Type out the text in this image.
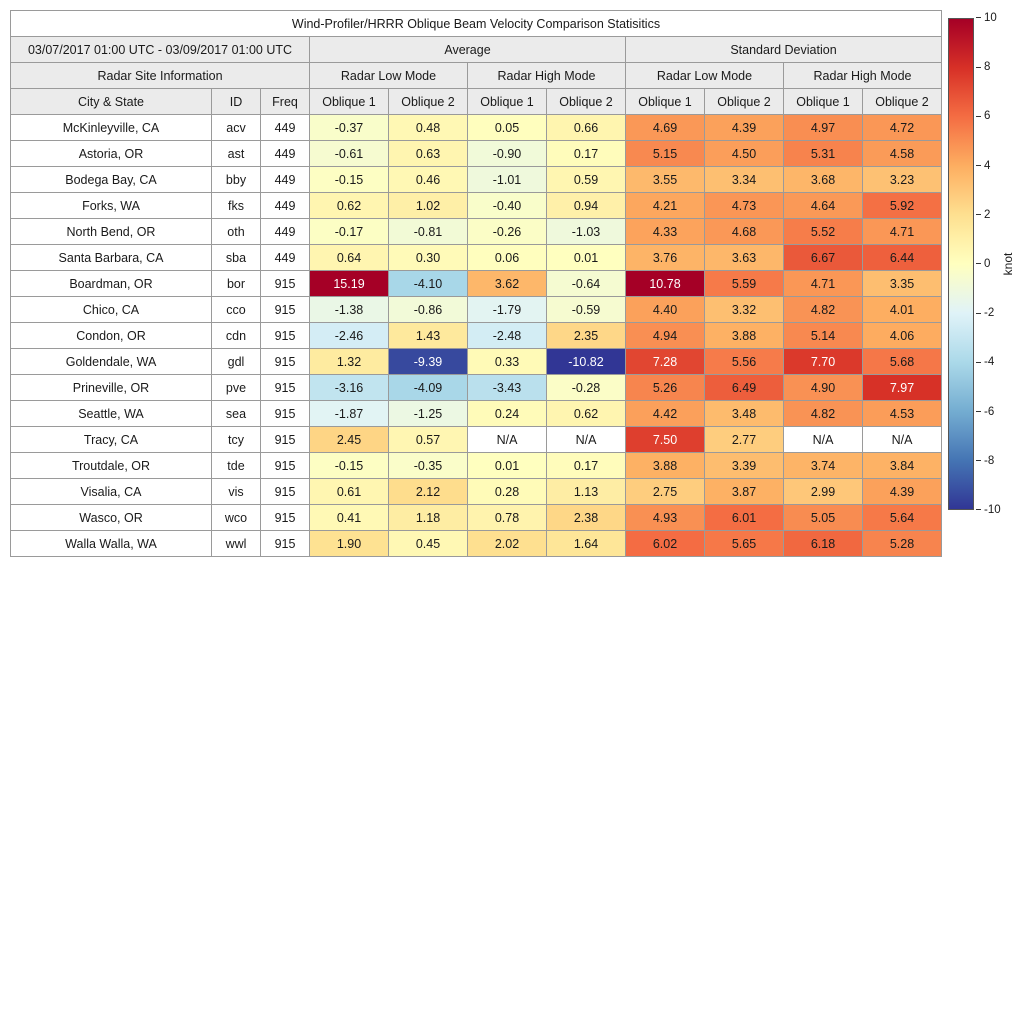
Wind-Profiler/HRRR Oblique Beam Velocity Comparison Statisitics										
03/07/2017 01:00 UTC - 03/09/2017 01:00 UTC			Average				Standard Deviation			
Radar Site Information			Radar Low Mode		Radar High Mode		Radar Low Mode		Radar High Mode	
City & State	ID	Freq	Oblique 1	Oblique 2	Oblique 1	Oblique 2	Oblique 1	Oblique 2	Oblique 1	Oblique 2
McKinleyville, CA	acv	449	-0.37	0.48	0.05	0.66	4.69	4.39	4.97	4.72
Astoria, OR	ast	449	-0.61	0.63	-0.90	0.17	5.15	4.50	5.31	4.58
Bodega Bay, CA	bby	449	-0.15	0.46	-1.01	0.59	3.55	3.34	3.68	3.23
Forks, WA	fks	449	0.62	1.02	-0.40	0.94	4.21	4.73	4.64	5.92
North Bend, OR	oth	449	-0.17	-0.81	-0.26	-1.03	4.33	4.68	5.52	4.71
Santa Barbara, CA	sba	449	0.64	0.30	0.06	0.01	3.76	3.63	6.67	6.44
Boardman, OR	bor	915	15.19	-4.10	3.62	-0.64	10.78	5.59	4.71	3.35
Chico, CA	cco	915	-1.38	-0.86	-1.79	-0.59	4.40	3.32	4.82	4.01
Condon, OR	cdn	915	-2.46	1.43	-2.48	2.35	4.94	3.88	5.14	4.06
Goldendale, WA	gdl	915	1.32	-9.39	0.33	-10.82	7.28	5.56	7.70	5.68
Prineville, OR	pve	915	-3.16	-4.09	-3.43	-0.28	5.26	6.49	4.90	7.97
Seattle, WA	sea	915	-1.87	-1.25	0.24	0.62	4.42	3.48	4.82	4.53
Tracy, CA	tcy	915	2.45	0.57	N/A	N/A	7.50	2.77	N/A	N/A
Troutdale, OR	tde	915	-0.15	-0.35	0.01	0.17	3.88	3.39	3.74	3.84
Visalia, CA	vis	915	0.61	2.12	0.28	1.13	2.75	3.87	2.99	4.39
Wasco, OR	wco	915	0.41	1.18	0.78	2.38	4.93	6.01	5.05	5.64
Walla Walla, WA	wwl	915	1.90	0.45	2.02	1.64	6.02	5.65	6.18	5.28
10
8
6
4
2
0
-2
-4
-6
-8
-10
knot
